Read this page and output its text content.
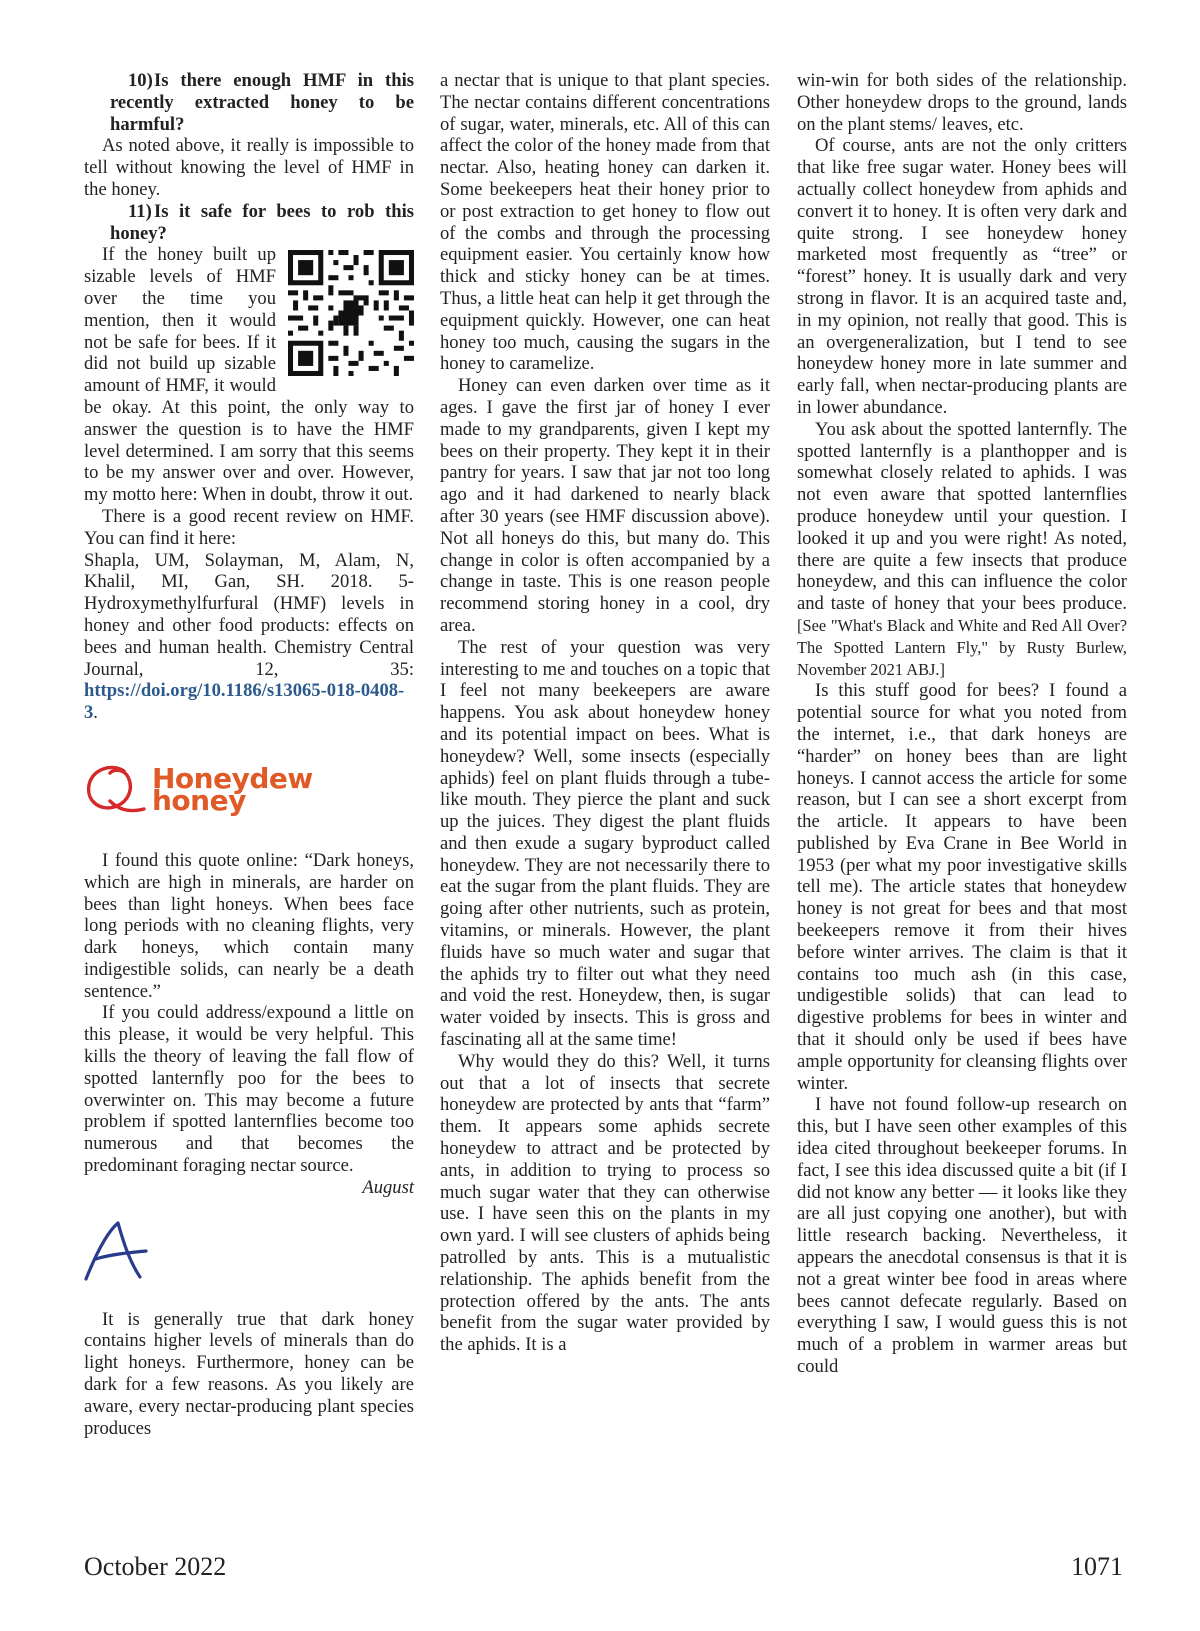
10)Is there enough HMF in this recently extracted honey to be harmful?

As noted above, it really is impossible to tell without knowing the level of HMF in the honey.

11) Is it safe for bees to rob this honey?

If the honey built up sizable levels of HMF over the time you mention, then it would not be safe for bees. If it did not build up sizable amount of HMF, it would be okay. At this point, the only way to answer the question is to have the HMF level determined. I am sorry that this seems to be my answer over and over. However, my motto here: When in doubt, throw it out.

There is a good recent review on HMF. You can find it here:

Shapla, UM, Solayman, M, Alam, N, Khalil, MI, Gan, SH. 2018. 5-Hydroxymethylfurfural (HMF) levels in honey and other food products: effects on bees and human health. Chemistry Central Journal, 12, 35: https://doi.org/10.1186/s13065-018-0408-3.

Honeydew honey

I found this quote online: “Dark honeys, which are high in minerals, are harder on bees than light honeys. When bees face long periods with no cleaning flights, very dark honeys, which contain many indigestible solids, can nearly be a death sentence.”

If you could address/expound a little on this please, it would be very helpful. This kills the theory of leaving the fall flow of spotted lanternfly poo for the bees to overwinter on. This may become a future problem if spotted lanternflies become too numerous and that becomes the predominant foraging nectar source.

August

It is generally true that dark honey contains higher levels of minerals than do light honeys. Furthermore, honey can be dark for a few reasons. As you likely are aware, every nectar-producing plant species produces

a nectar that is unique to that plant species. The nectar contains different concentrations of sugar, water, minerals, etc. All of this can affect the color of the honey made from that nectar. Also, heating honey can darken it. Some beekeepers heat their honey prior to or post extraction to get honey to flow out of the combs and through the processing equipment easier. You certainly know how thick and sticky honey can be at times. Thus, a little heat can help it get through the equipment quickly. However, one can heat honey too much, causing the sugars in the honey to caramelize.

Honey can even darken over time as it ages. I gave the first jar of honey I ever made to my grandparents, given I kept my bees on their property. They kept it in their pantry for years. I saw that jar not too long ago and it had darkened to nearly black after 30 years (see HMF discussion above). Not all honeys do this, but many do. This change in color is often accompanied by a change in taste. This is one reason people recommend storing honey in a cool, dry area.

The rest of your question was very interesting to me and touches on a topic that I feel not many beekeepers are aware happens. You ask about honeydew honey and its potential impact on bees. What is honeydew? Well, some insects (especially aphids) feel on plant fluids through a tube-like mouth. They pierce the plant and suck up the juices. They digest the plant fluids and then exude a sugary byproduct called honeydew. They are not necessarily there to eat the sugar from the plant fluids. They are going after other nutrients, such as protein, vitamins, or minerals. However, the plant fluids have so much water and sugar that the aphids try to filter out what they need and void the rest. Honeydew, then, is sugar water voided by insects. This is gross and fascinating all at the same time!

Why would they do this? Well, it turns out that a lot of insects that secrete honeydew are protected by ants that “farm” them. It appears some aphids secrete honeydew to attract and be protected by ants, in addition to trying to process so much sugar water that they can otherwise use. I have seen this on the plants in my own yard. I will see clusters of aphids being patrolled by ants. This is a mutualistic relationship. The aphids benefit from the protection offered by the ants. The ants benefit from the sugar water provided by the aphids. It is a

win-win for both sides of the relationship. Other honeydew drops to the ground, lands on the plant stems/ leaves, etc.

Of course, ants are not the only critters that like free sugar water. Honey bees will actually collect honeydew from aphids and convert it to honey. It is often very dark and quite strong. I see honeydew honey marketed most frequently as “tree” or “forest” honey. It is usually dark and very strong in flavor. It is an acquired taste and, in my opinion, not really that good. This is an overgeneralization, but I tend to see honeydew honey more in late summer and early fall, when nectar-producing plants are in lower abundance.

You ask about the spotted lanternfly. The spotted lanternfly is a planthopper and is somewhat closely related to aphids. I was not even aware that spotted lanternflies produce honeydew until your question. I looked it up and you were right! As noted, there are quite a few insects that produce honeydew, and this can influence the color and taste of honey that your bees produce. [See "What's Black and White and Red All Over? The Spotted Lantern Fly," by Rusty Burlew, November 2021 ABJ.]

Is this stuff good for bees? I found a potential source for what you noted from the internet, i.e., that dark honeys are “harder” on honey bees than are light honeys. I cannot access the article for some reason, but I can see a short excerpt from the article. It appears to have been published by Eva Crane in Bee World in 1953 (per what my poor investigative skills tell me). The article states that honeydew honey is not great for bees and that most beekeepers remove it from their hives before winter arrives. The claim is that it contains too much ash (in this case, undigestible solids) that can lead to digestive problems for bees in winter and that it should only be used if bees have ample opportunity for cleansing flights over winter.

I have not found follow-up research on this, but I have seen other examples of this idea cited throughout beekeeper forums. In fact, I see this idea discussed quite a bit (if I did not know any better — it looks like they are all just copying one another), but with little research backing. Nevertheless, it appears the anecdotal consensus is that it is not a great winter bee food in areas where bees cannot defecate regularly. Based on everything I saw, I would guess this is not much of a problem in warmer areas but could

October 2022	1071
